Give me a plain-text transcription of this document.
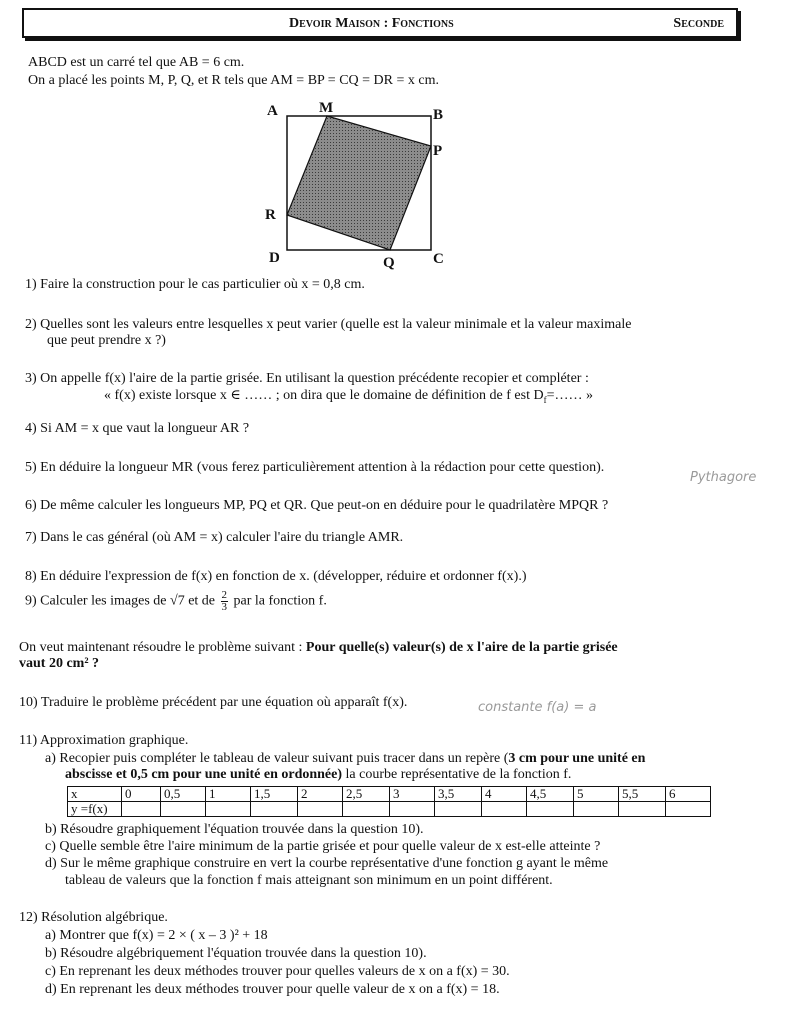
Devoir Maison : Fonctions	Seconde
ABCD est un carré tel que AB = 6 cm.
On a placé les points M, P, Q, et R tels que AM = BP = CQ = DR = x cm.
A	M	B
P
R
D	Q	C
1) Faire la construction pour le cas particulier où x = 0,8 cm.
2) Quelles sont les valeurs entre lesquelles x peut varier (quelle est la valeur minimale et la valeur maximale
que peut prendre x ?)
3) On appelle f(x) l'aire de la partie grisée. En utilisant la question précédente recopier et compléter :
« f(x) existe lorsque x ∈ …… ; on dira que le domaine de définition de f est $D_f=\dots\dots$ »
4) Si AM = x que vaut la longueur AR ?
5) En déduire la longueur MR (vous ferez particulièrement attention à la rédaction pour cette question).
Pythagore
6) De même calculer les longueurs MP, PQ et QR. Que peut-on en déduire pour le quadrilatère MPQR ?
7) Dans le cas général (où AM = x) calculer l'aire du triangle AMR.
8) En déduire l'expression de f(x) en fonction de x. (développer, réduire et ordonner f(x).)
9) Calculer les images de √7 et de $\frac{2}{3}$ par la fonction f.
On veut maintenant résoudre le problème suivant : Pour quelle(s) valeur(s) de x l'aire de la partie grisée
vaut 20 cm² ?
10) Traduire le problème précédent par une équation où apparaît f(x).	constante f(a) = a
11) Approximation graphique.
a) Recopier puis compléter le tableau de valeur suivant puis tracer dans un repère (3 cm pour une unité en
abscisse et 0,5 cm pour une unité en ordonnée) la courbe représentative de la fonction f.
x	0	0,5	1	1,5	2	2,5	3	3,5	4	4,5	5	5,5	6
y =f(x)													
b) Résoudre graphiquement l'équation trouvée dans la question 10).
c) Quelle semble être l'aire minimum de la partie grisée et pour quelle valeur de x est-elle atteinte ?
d) Sur le même graphique construire en vert la courbe représentative d'une fonction g ayant le même
tableau de valeurs que la fonction f mais atteignant son minimum en un point différent.
12) Résolution algébrique.
a) Montrer que f(x) = 2 × ( x – 3 )² + 18
b) Résoudre algébriquement l'équation trouvée dans la question 10).
c) En reprenant les deux méthodes trouver pour quelles valeurs de x on a f(x) = 30.
d) En reprenant les deux méthodes trouver pour quelle valeur de x on a f(x) = 18.
